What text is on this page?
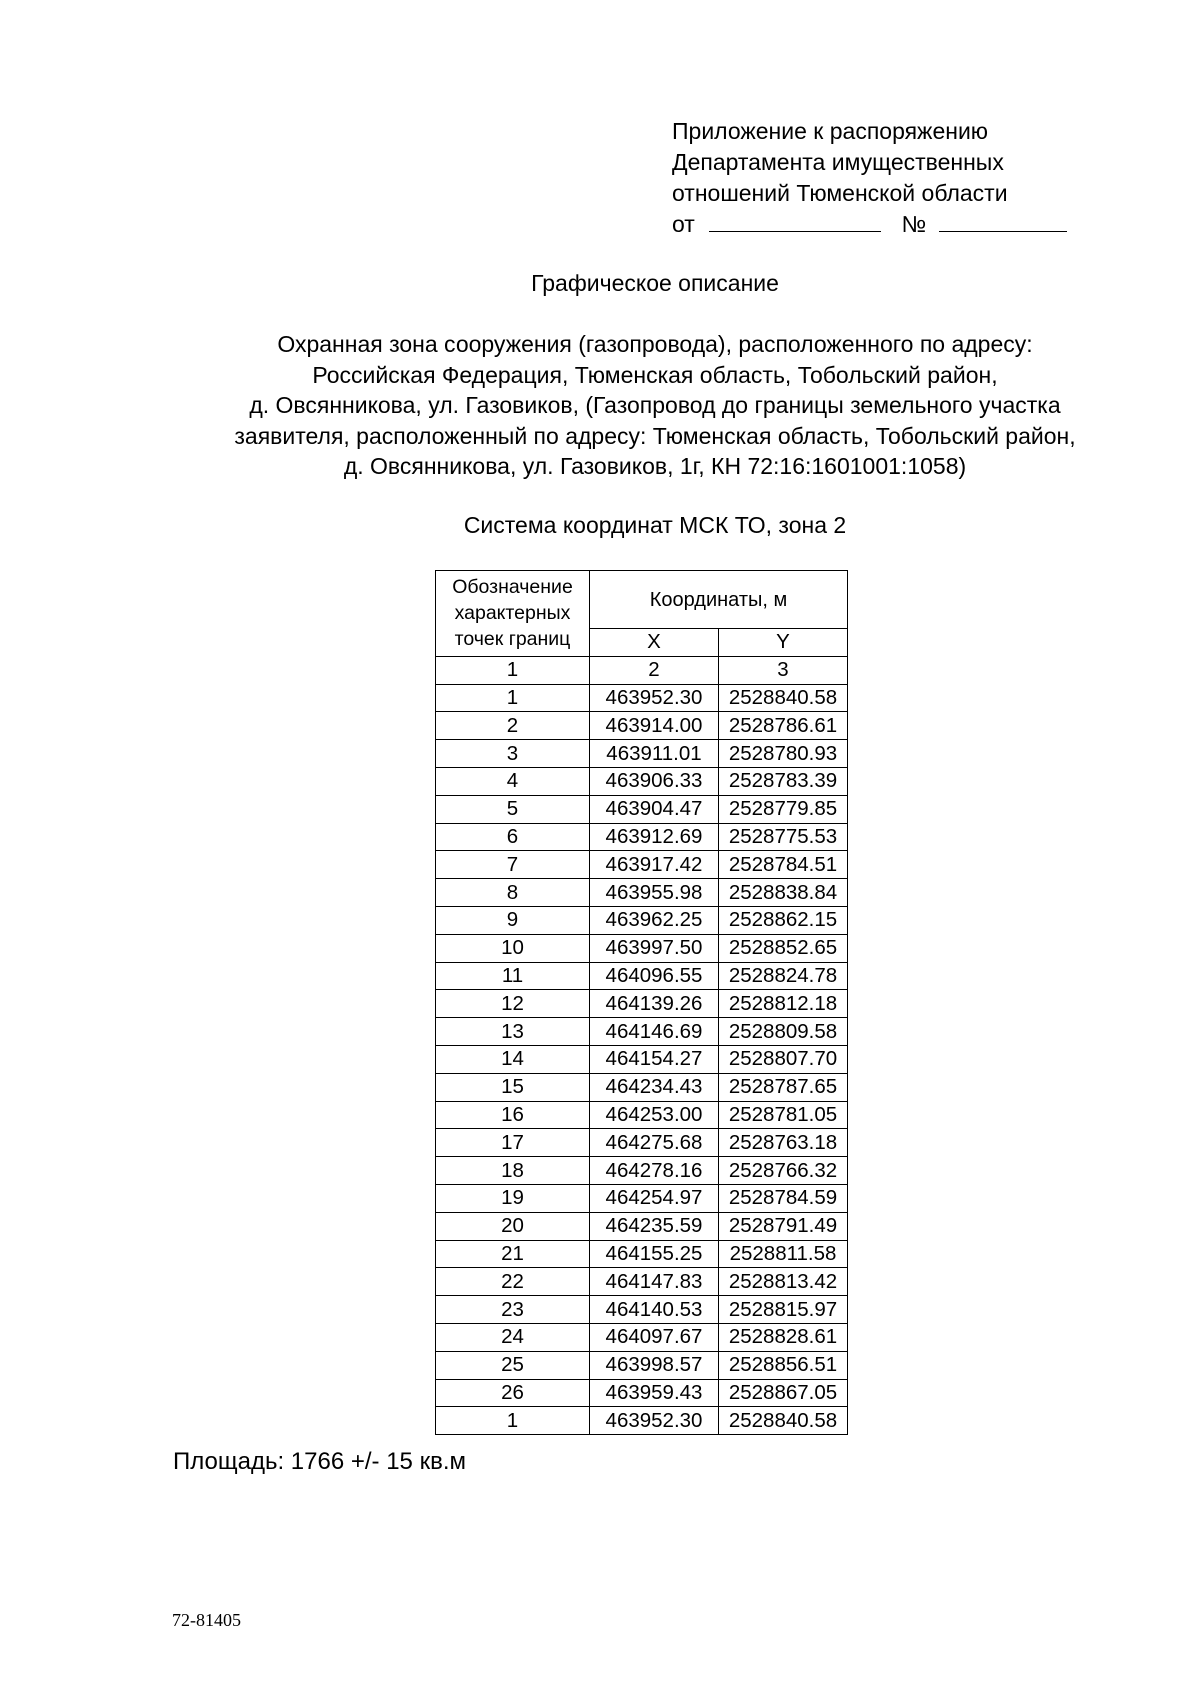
Приложение к распоряжению
Департамента имущественных
отношений Тюменской области
от	№
Графическое описание
Охранная зона сооружения (газопровода), расположенного по адресу:
Российская Федерация, Тюменская область, Тобольский район,
д. Овсянникова, ул. Газовиков, (Газопровод до границы земельного участка
заявителя, расположенный по адресу: Тюменская область, Тобольский район,
д. Овсянникова, ул. Газовиков, 1г, КН 72:16:1601001:1058)
Система координат МСК ТО, зона 2
Обозначение
характерных
точек границ	Координаты, м	
	X	Y
1	2	3
1	463952.30	2528840.58
2	463914.00	2528786.61
3	463911.01	2528780.93
4	463906.33	2528783.39
5	463904.47	2528779.85
6	463912.69	2528775.53
7	463917.42	2528784.51
8	463955.98	2528838.84
9	463962.25	2528862.15
10	463997.50	2528852.65
11	464096.55	2528824.78
12	464139.26	2528812.18
13	464146.69	2528809.58
14	464154.27	2528807.70
15	464234.43	2528787.65
16	464253.00	2528781.05
17	464275.68	2528763.18
18	464278.16	2528766.32
19	464254.97	2528784.59
20	464235.59	2528791.49
21	464155.25	2528811.58
22	464147.83	2528813.42
23	464140.53	2528815.97
24	464097.67	2528828.61
25	463998.57	2528856.51
26	463959.43	2528867.05
1	463952.30	2528840.58
Площадь: 1766 +/- 15 кв.м
72-81405
